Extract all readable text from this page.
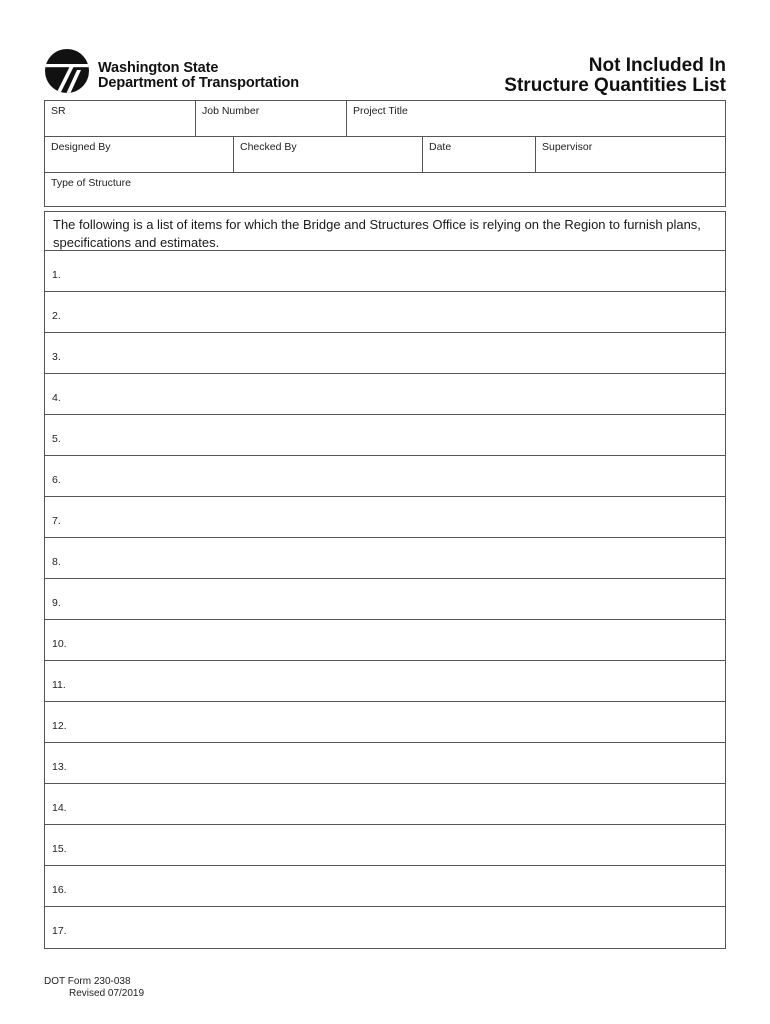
Washington State
Department of Transportation
Not Included In
Structure Quantities List
SR	Job Number	Project Title
Designed By	Checked By	Date	Supervisor
Type of Structure
The following is a list of items for which the Bridge and Structures Office is relying on the Region to furnish plans, specifications and estimates.
1.
2.
3.
4.
5.
6.
7.
8.
9.
10.
11.
12.
13.
14.
15.
16.
17.
DOT Form 230-038
Revised 07/2019
